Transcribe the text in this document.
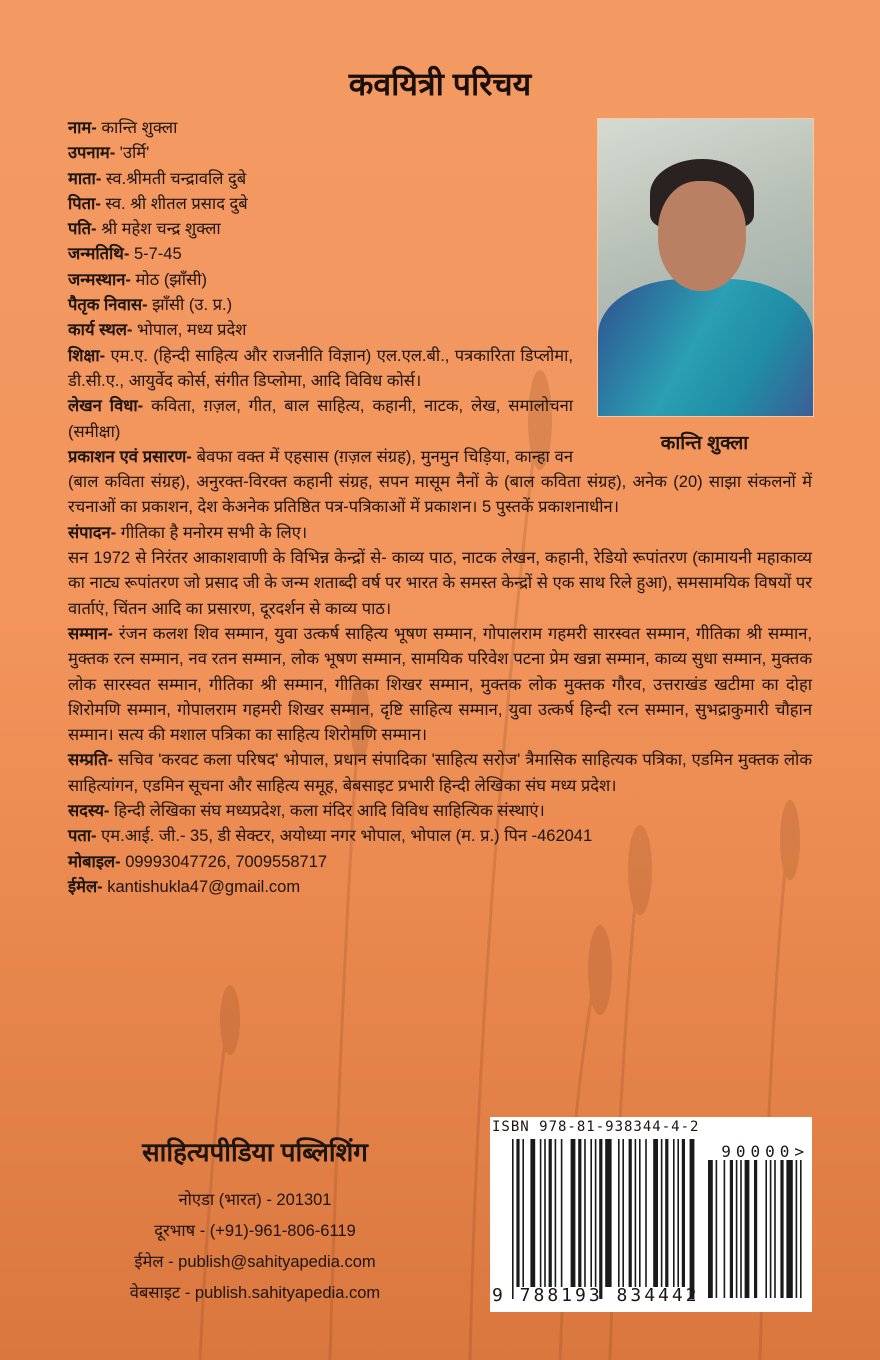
कवयित्री परिचय
कान्ति शुक्ला

नाम- कान्ति शुक्ला

उपनाम- 'उर्मि'

माता- स्व.श्रीमती चन्द्रावलि दुबे

पिता- स्व. श्री शीतल प्रसाद दुबे

पति- श्री महेश चन्द्र शुक्ला

जन्मतिथि- 5-7-45

जन्मस्थान- मोठ (झाँसी)

पैतृक निवास- झाँसी (उ. प्र.)

कार्य स्थल- भोपाल, मध्य प्रदेश

शिक्षा- एम.ए. (हिन्दी साहित्य और राजनीति विज्ञान) एल.एल.बी., पत्रकारिता डिप्लोमा, डी.सी.ए., आयुर्वेद कोर्स, संगीत डिप्लोमा, आदि विविध कोर्स।

लेखन विधा- कविता, ग़ज़ल, गीत, बाल साहित्य, कहानी, नाटक, लेख, समालोचना (समीक्षा)

प्रकाशन एवं प्रसारण- बेवफा वक्त में एहसास (ग़ज़ल संग्रह), मुनमुन चिड़िया, कान्हा वन (बाल कविता संग्रह), अनुरक्त-विरक्त कहानी संग्रह, सपन मासूम नैनों के (बाल कविता संग्रह), अनेक (20) साझा संकलनों में रचनाओं का प्रकाशन, देश केअनेक प्रतिष्ठित पत्र-पत्रिकाओं में प्रकाशन। 5 पुस्तकें प्रकाशनाधीन।

संपादन- गीतिका है मनोरम सभी के लिए।

सन 1972 से निरंतर आकाशवाणी के विभिन्न केन्द्रों से- काव्य पाठ, नाटक लेखन, कहानी, रेडियो रूपांतरण (कामायनी महाकाव्य का नाट्य रूपांतरण जो प्रसाद जी के जन्म शताब्दी वर्ष पर भारत के समस्त केन्द्रों से एक साथ रिले हुआ), समसामयिक विषयों पर वार्ताएं, चिंतन आदि का प्रसारण, दूरदर्शन से काव्य पाठ।

सम्मान- रंजन कलश शिव सम्मान, युवा उत्कर्ष साहित्य भूषण सम्मान, गोपालराम गहमरी सारस्वत सम्मान, गीतिका श्री सम्मान, मुक्तक रत्न सम्मान, नव रतन सम्मान, लोक भूषण सम्मान, सामयिक परिवेश पटना प्रेम खन्ना सम्मान, काव्य सुधा सम्मान, मुक्तक लोक सारस्वत सम्मान, गीतिका श्री सम्मान, गीतिका शिखर सम्मान, मुक्तक लोक मुक्तक गौरव, उत्तराखंड खटीमा का दोहा शिरोमणि सम्मान, गोपालराम गहमरी शिखर सम्मान, दृष्टि साहित्य सम्मान, युवा उत्कर्ष हिन्दी रत्न सम्मान, सुभद्राकुमारी चौहान सम्मान। सत्य की मशाल पत्रिका का साहित्य शिरोमणि सम्मान।

सम्प्रति- सचिव 'करवट कला परिषद' भोपाल, प्रधान संपादिका 'साहित्य सरोज' त्रैमासिक साहित्यक पत्रिका, एडमिन मुक्तक लोक साहित्यांगन, एडमिन सूचना और साहित्य समूह, बेबसाइट प्रभारी हिन्दी लेखिका संघ मध्य प्रदेश।

सदस्य- हिन्दी लेखिका संघ मध्यप्रदेश, कला मंदिर आदि विविध साहित्यिक संस्थाएं।

पता- एम.आई. जी.- 35, डी सेक्टर, अयोध्या नगर भोपाल, भोपाल (म. प्र.) पिन -462041

मोबाइल- 09993047726, 7009558717

ईमेल- kantishukla47@gmail.com

साहित्यपीडिया पब्लिशिंग
नोएडा (भारत) - 201301
दूरभाष - (+91)-961-806-6119
ईमेल - publish@sahityapedia.com
वेबसाइट - publish.sahityapedia.com
ISBN 978-81-938344-4-2
90000>
9 788193 834442
